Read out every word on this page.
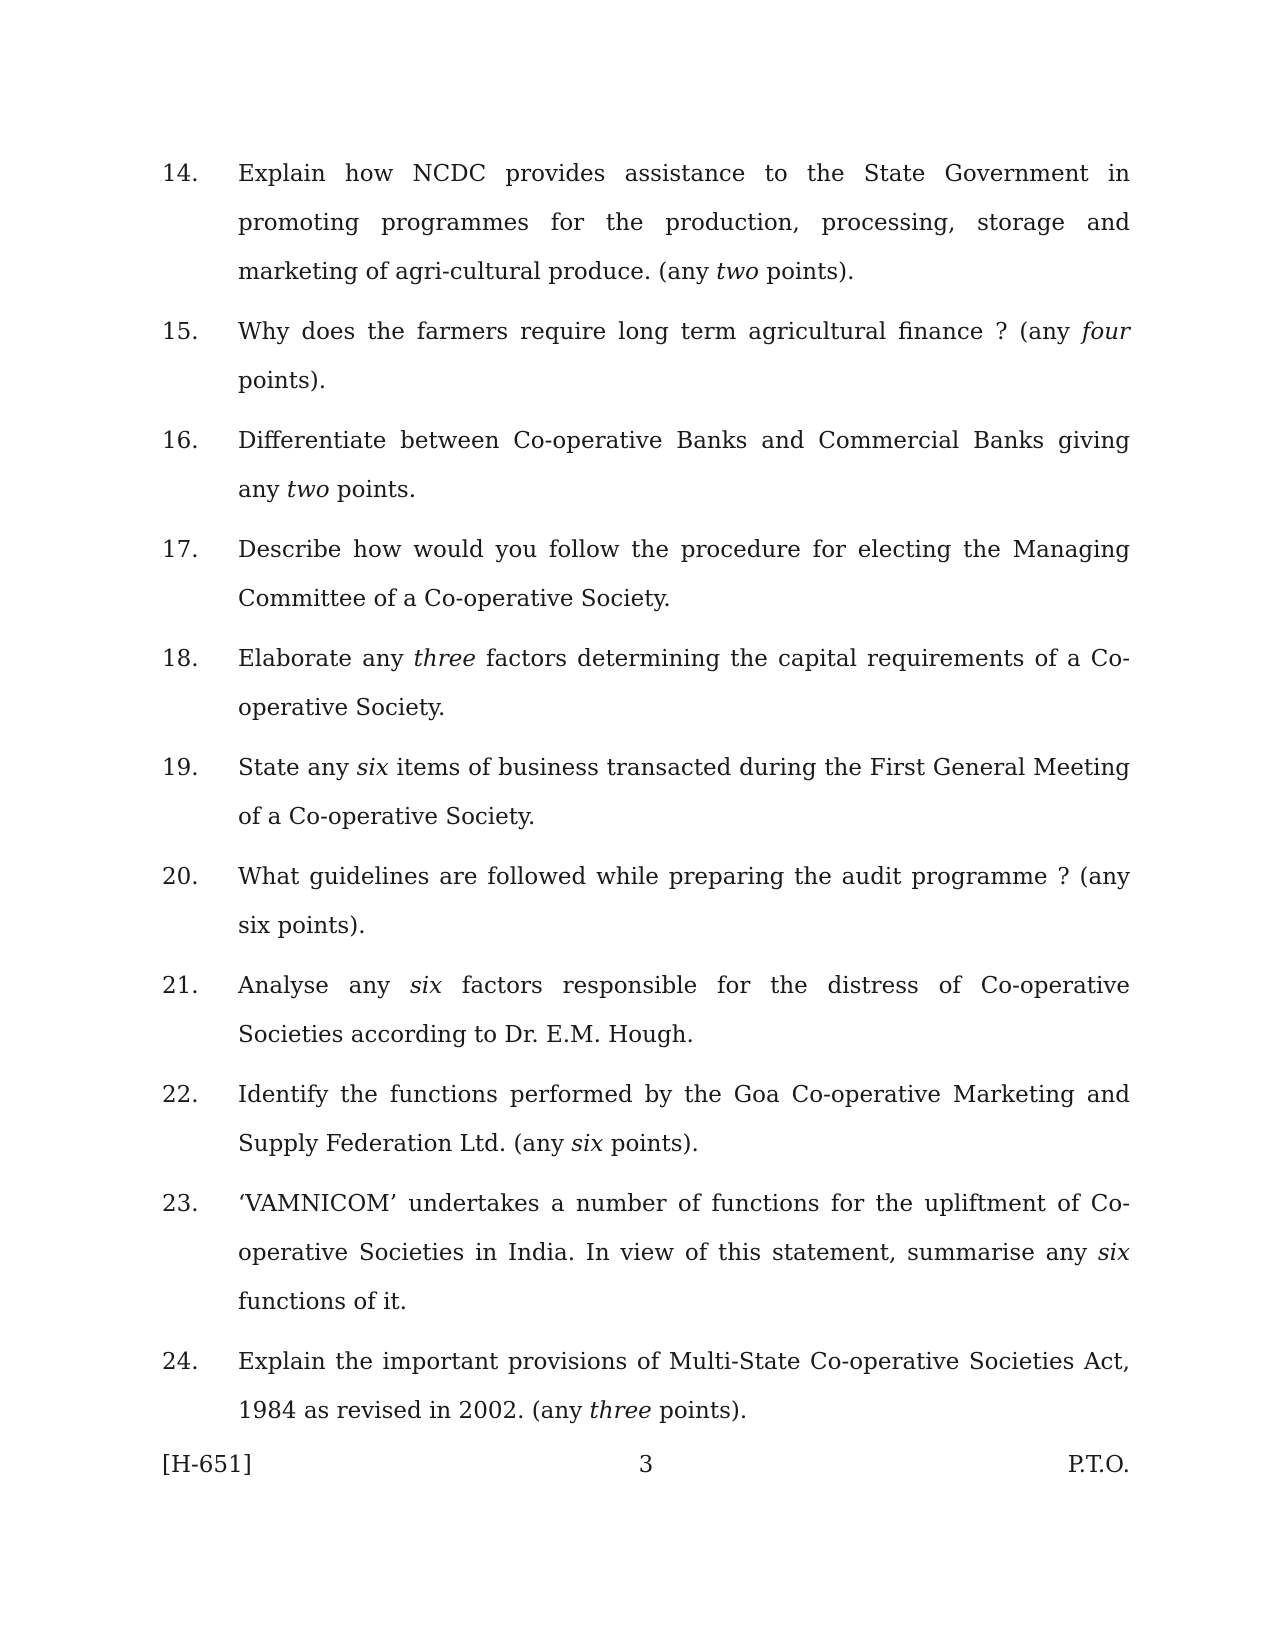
14.	Explain how NCDC provides assistance to the State Government in promoting programmes for the production, processing, storage and marketing of agri-cultural produce. (any two points).
15.	Why does the farmers require long term agricultural finance ? (any four points).
16.	Differentiate between Co-operative Banks and Commercial Banks giving any two points.
17.	Describe how would you follow the procedure for electing the Managing Committee of a Co-operative Society.
18.	Elaborate any three factors determining the capital requirements of a Co-operative Society.
19.	State any six items of business transacted during the First General Meeting of a Co-operative Society.
20.	What guidelines are followed while preparing the audit programme ? (any six points).
21.	Analyse any six factors responsible for the distress of Co-operative Societies according to Dr. E.M. Hough.
22.	Identify the functions performed by the Goa Co-operative Marketing and Supply Federation Ltd. (any six points).
23.	‘VAMNICOM’ undertakes a number of functions for the upliftment of Co-operative Societies in India. In view of this statement, summarise any six functions of it.
24.	Explain the important provisions of Multi-State Co-operative Societies Act, 1984 as revised in 2002. (any three points).
[H-651]	3	P.T.O.
